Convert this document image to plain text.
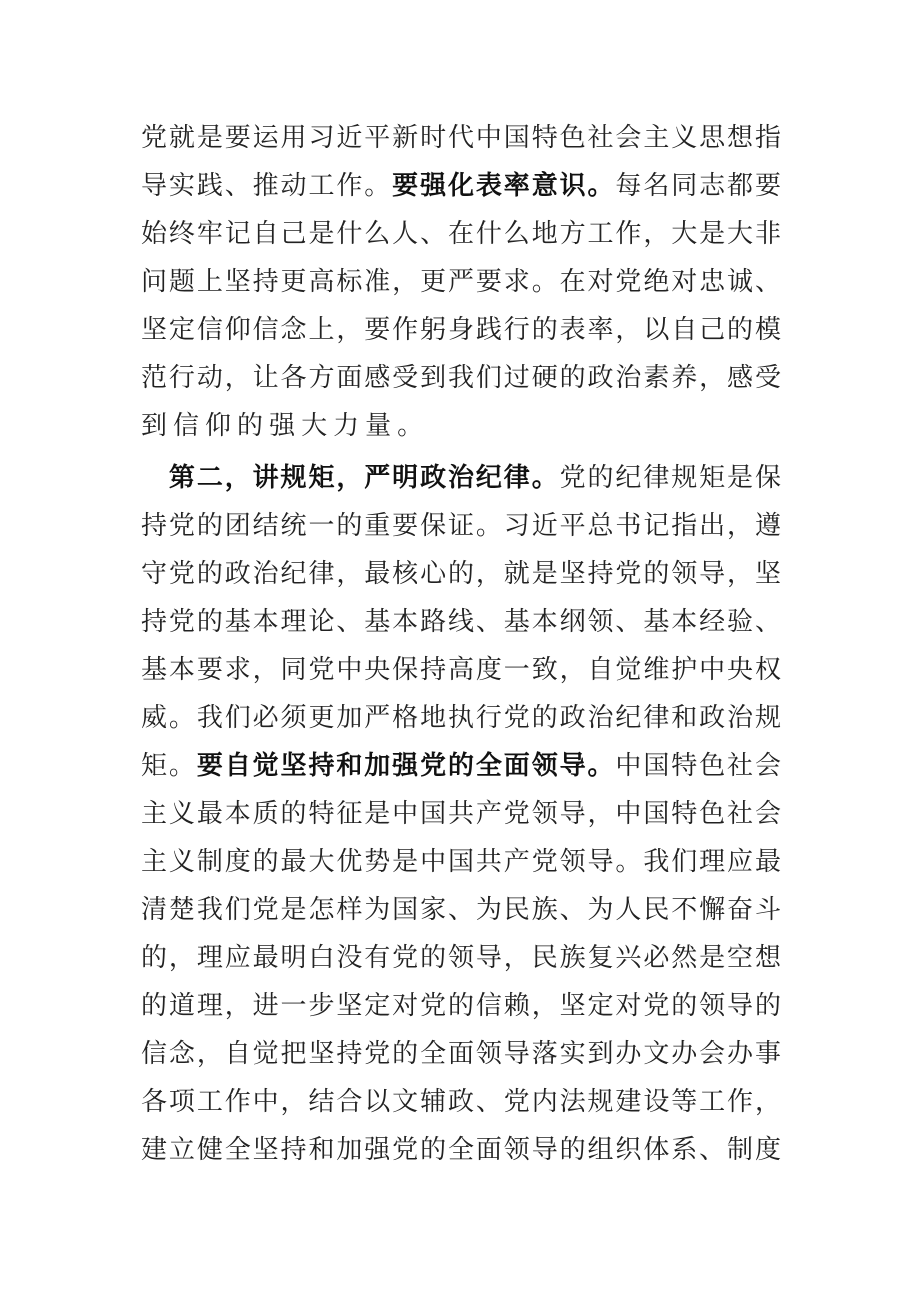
党 就 是 要 运 用 习 近 平 新 时 代 中 国 特 色 社 会 主 义 思 想 指
导 实 践 、 推 动 工 作 。 要 强 化 表 率 意 识 。 每 名 同 志 都 要
始 终 牢 记 自 己 是 什 么 人 、 在 什 么 地 方 工 作 ， 大 是 大 非
问 题 上 坚 持 更 高 标 准 ， 更 严 要 求 。 在 对 党 绝 对 忠 诚 、
坚 定 信 仰 信 念 上 ， 要 作 躬 身 践 行 的 表 率 ， 以 自 己 的 模
范 行 动 ， 让 各 方 面 感 受 到 我 们 过 硬 的 政 治 素 养 ， 感 受
到 信 仰 的 强 大 力 量 。

第 二 ， 讲 规 矩 ， 严 明 政 治 纪 律 。 党 的 纪 律 规 矩 是 保
持 党 的 团 结 统 一 的 重 要 保 证 。 习 近 平 总 书 记 指 出 ， 遵
守 党 的 政 治 纪 律 ， 最 核 心 的 ， 就 是 坚 持 党 的 领 导 ， 坚
持 党 的 基 本 理 论 、 基 本 路 线 、 基 本 纲 领 、 基 本 经 验 、
基 本 要 求 ， 同 党 中 央 保 持 高 度 一 致 ， 自 觉 维 护 中 央 权
威 。 我 们 必 须 更 加 严 格 地 执 行 党 的 政 治 纪 律 和 政 治 规
矩 。 要 自 觉 坚 持 和 加 强 党 的 全 面 领 导 。 中 国 特 色 社 会
主 义 最 本 质 的 特 征 是 中 国 共 产 党 领 导 ， 中 国 特 色 社 会
主 义 制 度 的 最 大 优 势 是 中 国 共 产 党 领 导 。 我 们 理 应 最
清 楚 我 们 党 是 怎 样 为 国 家 、 为 民 族 、 为 人 民 不 懈 奋 斗
的 ， 理 应 最 明 白 没 有 党 的 领 导 ， 民 族 复 兴 必 然 是 空 想
的 道 理 ， 进 一 步 坚 定 对 党 的 信 赖 ， 坚 定 对 党 的 领 导 的
信 念 ， 自 觉 把 坚 持 党 的 全 面 领 导 落 实 到 办 文 办 会 办 事
各 项 工 作 中 ， 结 合 以 文 辅 政 、 党 内 法 规 建 设 等 工 作 ，
建 立 健 全 坚 持 和 加 强 党 的 全 面 领 导 的 组 织 体 系 、 制 度
